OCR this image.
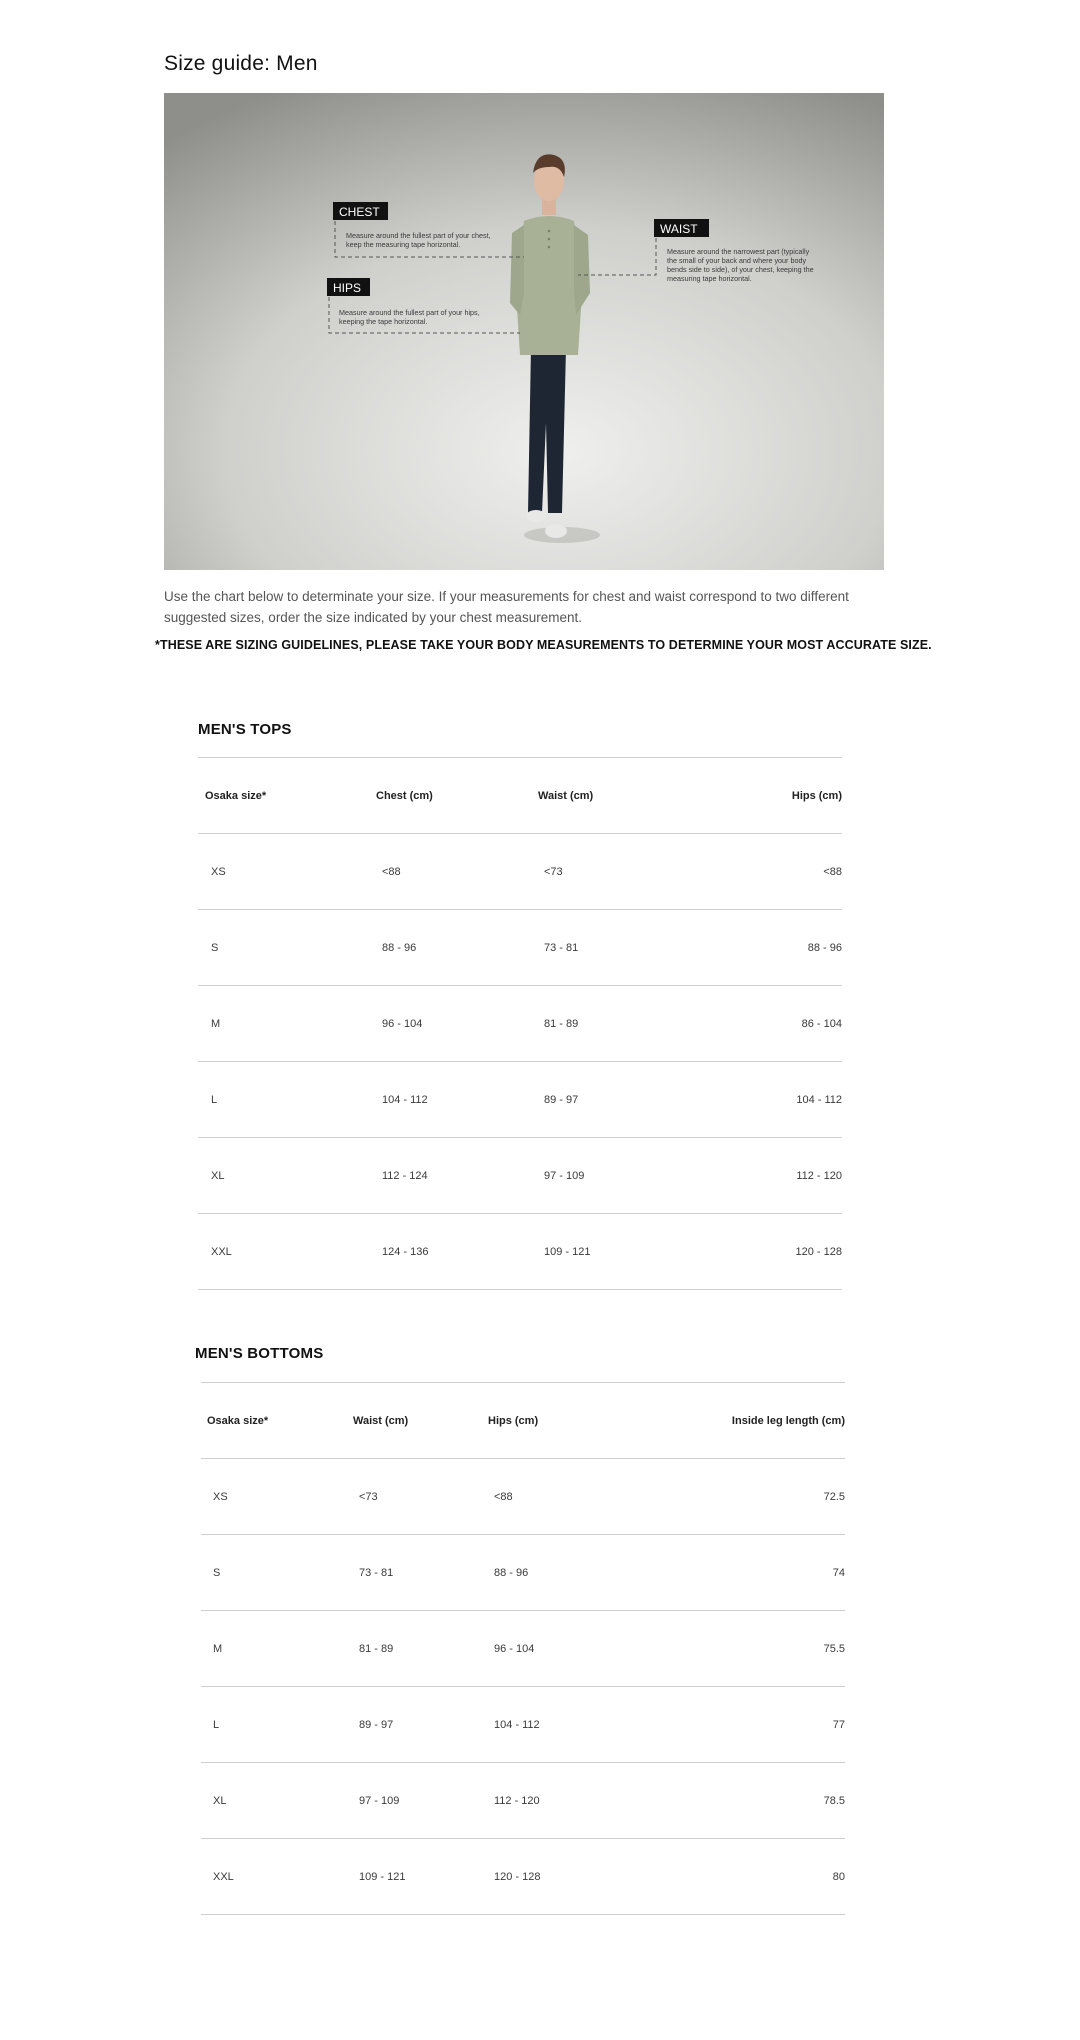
Size guide: Men
CHEST
Measure around the fullest part of your chest,
keep the measuring tape horizontal.
HIPS
Measure around the fullest part of your hips,
keeping the tape horizontal.
WAIST
Measure around the narrowest part (typically
the small of your back and where your body
bends side to side), of your chest, keeping the
measuring tape horizontal.
Use the chart below to determinate your size. If your measurements for chest and waist correspond to two different suggested sizes, order the size indicated by your chest measurement.
*THESE ARE SIZING GUIDELINES, PLEASE TAKE YOUR BODY MEASUREMENTS TO DETERMINE YOUR MOST ACCURATE SIZE.
MEN'S TOPS
Osaka size*	Chest (cm)	Waist (cm)	Hips (cm)
XS	<88	<73	<88
S	88 - 96	73 - 81	88 - 96
M	96 - 104	81 - 89	86 - 104
L	104 - 112	89 - 97	104 - 112
XL	112 - 124	97 - 109	112 - 120
XXL	124 - 136	109 - 121	120 - 128
MEN'S BOTTOMS
Osaka size*	Waist (cm)	Hips (cm)	Inside leg length (cm)
XS	<73	<88	72.5
S	73 - 81	88 - 96	74
M	81 - 89	96 - 104	75.5
L	89 - 97	104 - 112	77
XL	97 - 109	112 - 120	78.5
XXL	109 - 121	120 - 128	80
